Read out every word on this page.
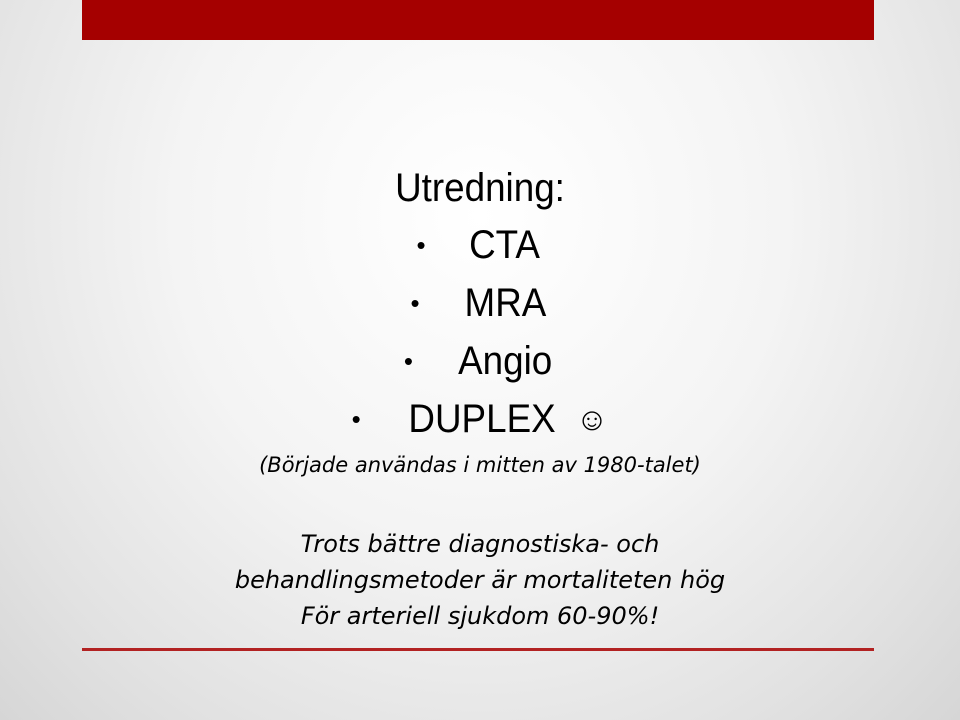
Utredning:
• CTA
• MRA
• Angio
• DUPLEX ☺
(Började användas i mitten av 1980-talet)

Trots bättre diagnostiska- och
behandlingsmetoder är mortaliteten hög
För arteriell sjukdom 60-90%!
